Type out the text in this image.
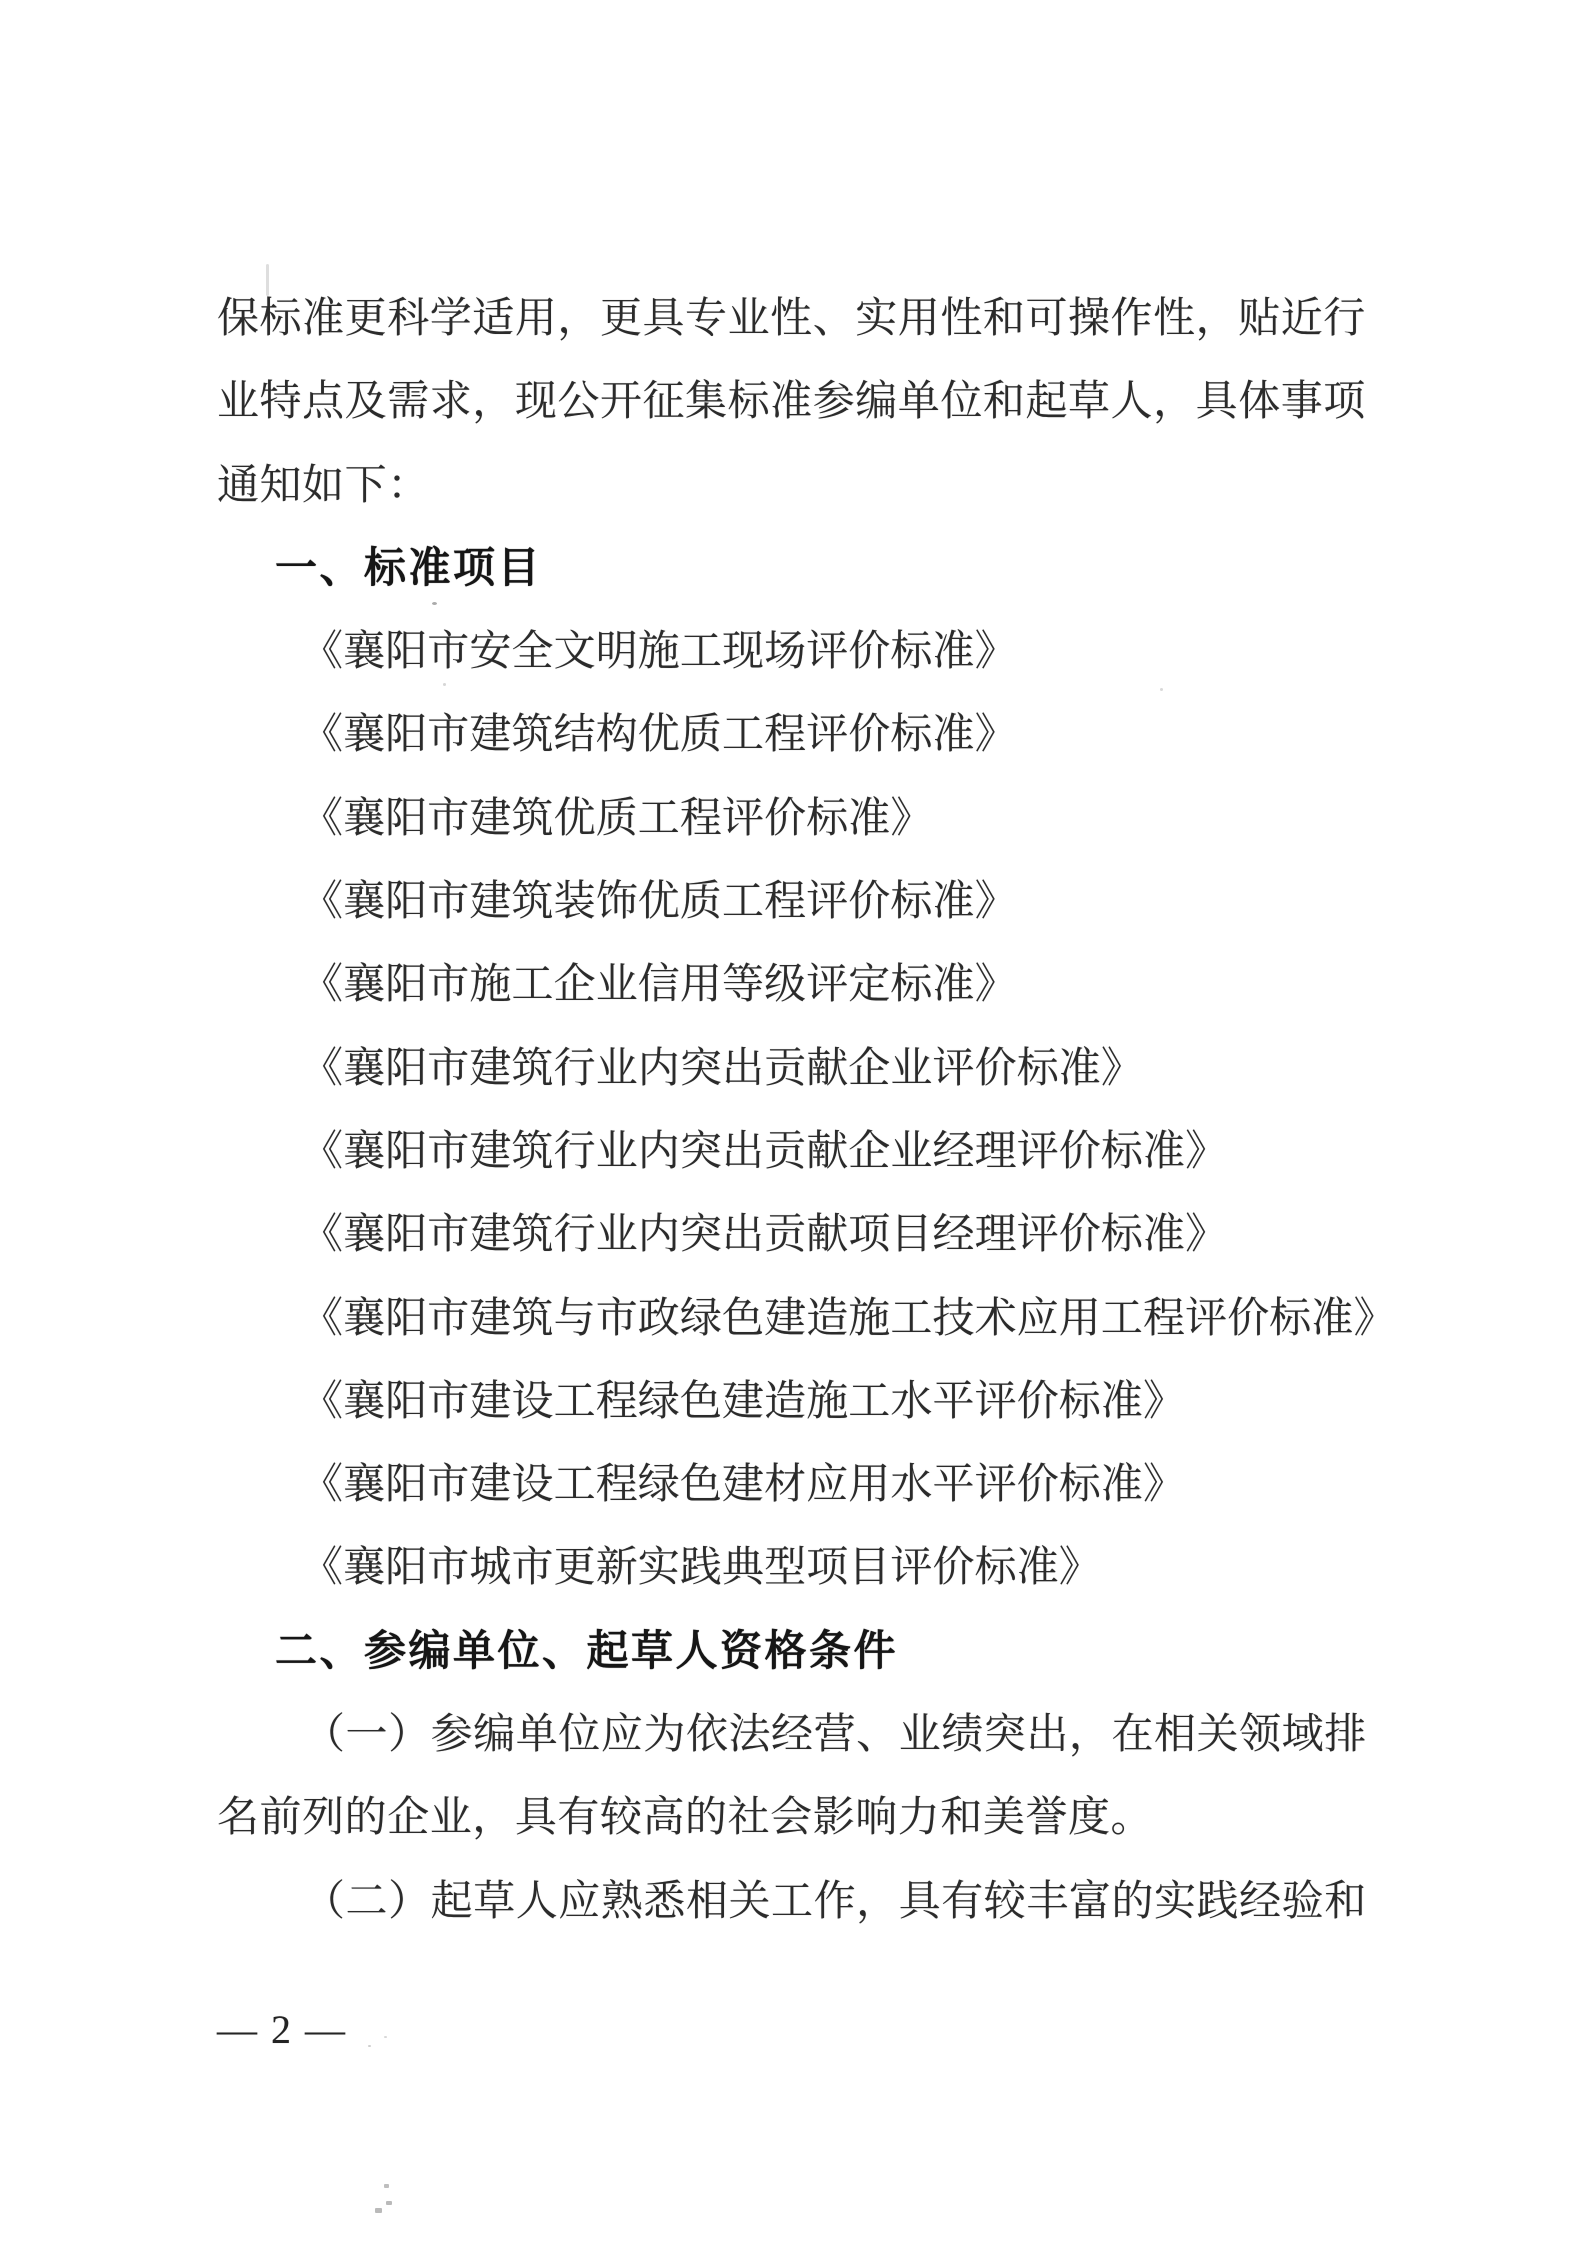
保标准更科学适用，更具专业性、实用性和可操作性，贴近行
业特点及需求，现公开征集标准参编单位和起草人，具体事项
通知如下：
一、标准项目
《襄阳市安全文明施工现场评价标准》
《襄阳市建筑结构优质工程评价标准》
《襄阳市建筑优质工程评价标准》
《襄阳市建筑装饰优质工程评价标准》
《襄阳市施工企业信用等级评定标准》
《襄阳市建筑行业内突出贡献企业评价标准》
《襄阳市建筑行业内突出贡献企业经理评价标准》
《襄阳市建筑行业内突出贡献项目经理评价标准》
《襄阳市建筑与市政绿色建造施工技术应用工程评价标准》
《襄阳市建设工程绿色建造施工水平评价标准》
《襄阳市建设工程绿色建材应用水平评价标准》
《襄阳市城市更新实践典型项目评价标准》
二、参编单位、起草人资格条件
（一）参编单位应为依法经营、业绩突出，在相关领域排
名前列的企业，具有较高的社会影响力和美誉度。
（二）起草人应熟悉相关工作，具有较丰富的实践经验和
— 2 —
